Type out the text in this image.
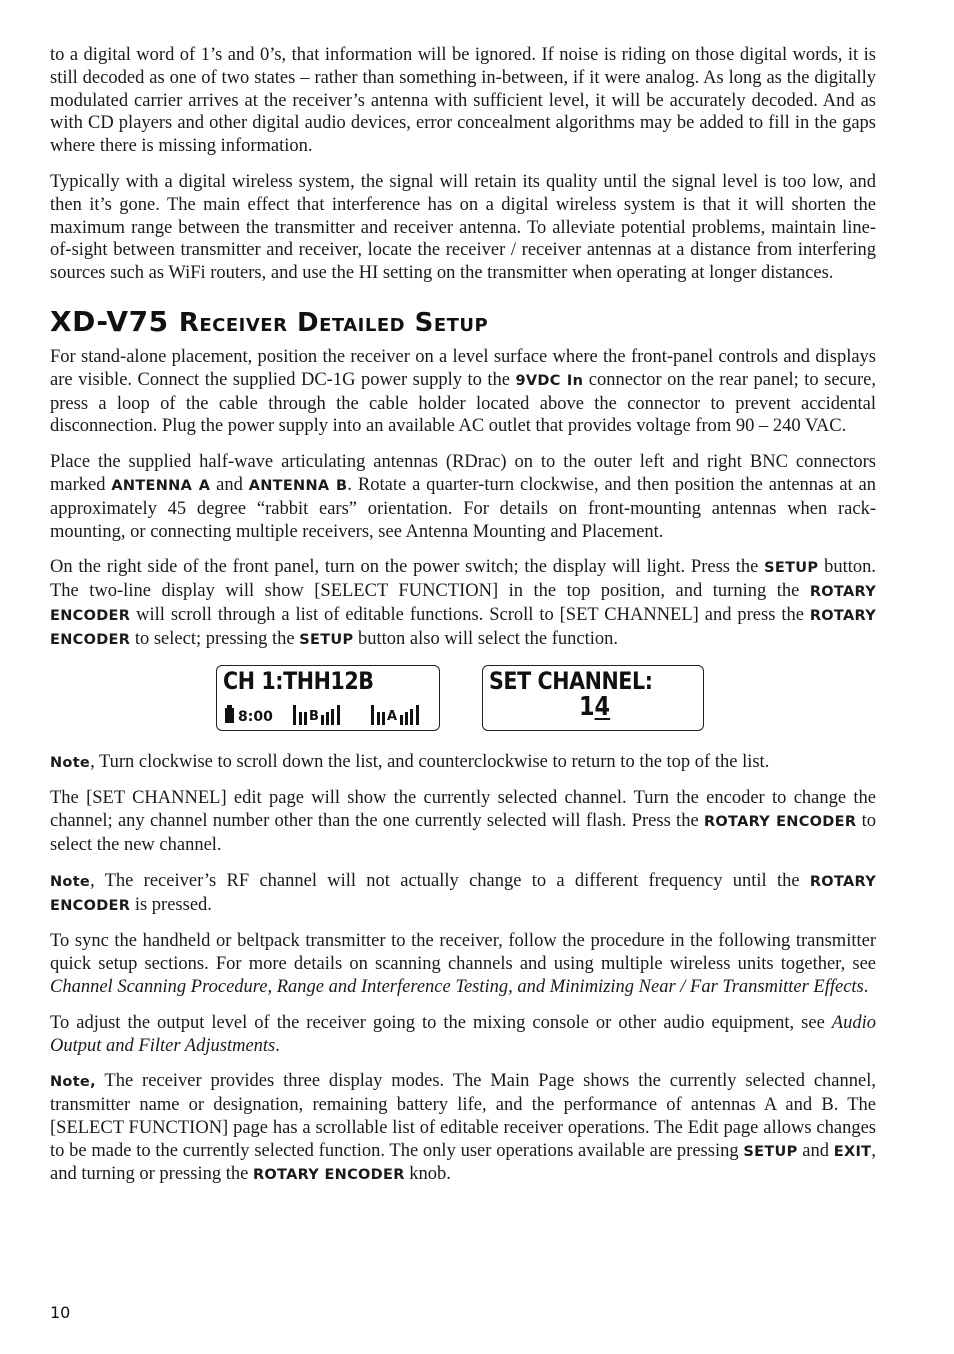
to a digital word of 1’s and 0’s, that information will be ignored. If noise is riding on those digital words, it is still decoded as one of two states – rather than something in-between, if it were analog. As long as the digitally modulated carrier arrives at the receiver’s antenna with sufficient level, it will be accurately decoded. And as with CD players and other digital audio devices, error concealment algorithms may be added to fill in the gaps where there is missing information.

Typically with a digital wireless system, the signal will retain its quality until the signal level is too low, and then it’s gone. The main effect that interference has on a digital wireless system is that it will shorten the maximum range between the transmitter and receiver antenna. To alleviate potential problems, maintain line-of-sight between transmitter and receiver, locate the receiver / receiver antennas at a distance from interfering sources such as WiFi routers, and use the HI setting on the transmitter when operating at longer distances.

XD-V75 Receiver Detailed Setup

For stand-alone placement, position the receiver on a level surface where the front-panel controls and displays are visible. Connect the supplied DC-1G power supply to the 9VDC In connector on the rear panel; to secure, press a loop of the cable through the cable holder located above the connector to prevent accidental disconnection. Plug the power supply into an available AC outlet that provides voltage from 90 – 240 VAC.

Place the supplied half-wave articulating antennas (RDrac) on to the outer left and right BNC connectors marked ANTENNA A and ANTENNA B. Rotate a quarter-turn clockwise, and then position the antennas at an approximately 45 degree “rabbit ears” orientation. For details on front-mounting antennas when rack-mounting, or connecting multiple receivers, see Antenna Mounting and Placement.

On the right side of the front panel, turn on the power switch; the display will light. Press the SETUP button. The two-line display will show [SELECT FUNCTION] in the top position, and turning the ROTARY ENCODER will scroll through a list of editable functions. Scroll to [SET CHANNEL] and press the ROTARY ENCODER to select; pressing the SETUP button also will select the function.

CH 1:THH12B
8:00	B	A
SET CHANNEL:
14

Note, Turn clockwise to scroll down the list, and counterclockwise to return to the top of the list.

The [SET CHANNEL] edit page will show the currently selected channel. Turn the encoder to change the channel; any channel number other than the one currently selected will flash. Press the ROTARY ENCODER to select the new channel.

Note, The receiver’s RF channel will not actually change to a different frequency until the ROTARY ENCODER is pressed.

To sync the handheld or beltpack transmitter to the receiver, follow the procedure in the following transmitter quick setup sections. For more details on scanning channels and using multiple wireless units together, see Channel Scanning Procedure, Range and Interference Testing, and Minimizing Near / Far Transmitter Effects.

To adjust the output level of the receiver going to the mixing console or other audio equipment, see Audio Output and Filter Adjustments.

Note, The receiver provides three display modes. The Main Page shows the currently selected channel, transmitter name or designation, remaining battery life, and the performance of antennas A and B. The [SELECT FUNCTION] page has a scrollable list of editable receiver operations. The Edit page allows changes to be made to the currently selected function. The only user operations available are pressing SETUP and EXIT, and turning or pressing the ROTARY ENCODER knob.

10
